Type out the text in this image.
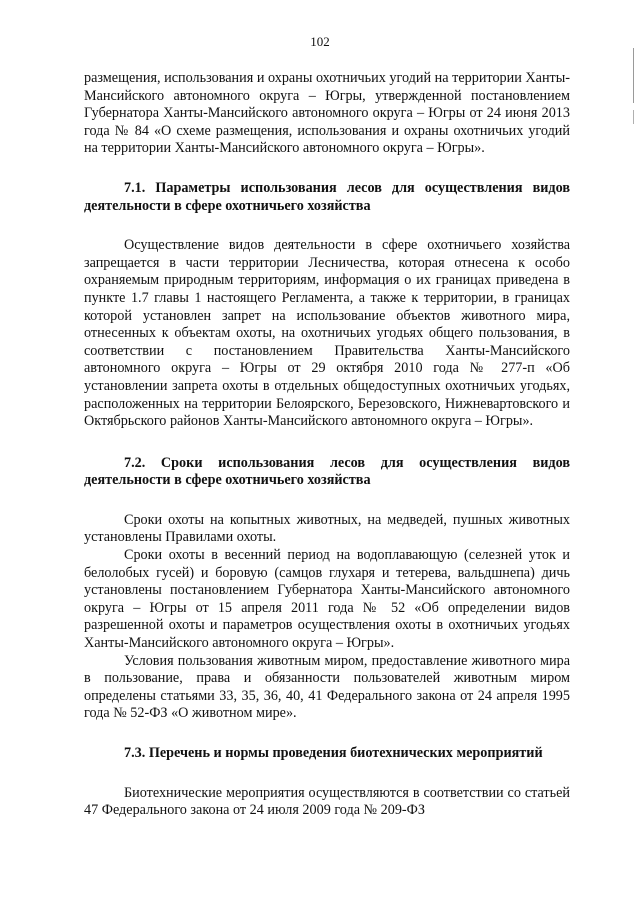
102

размещения, использования и охраны охотничьих угодий на территории Ханты-Мансийского автономного округа – Югры, утвержденной постановлением Губернатора Ханты-Мансийского автономного округа – Югры от 24 июня 2013 года № 84 «О схеме размещения, использования и охраны охотничьих угодий на территории Ханты-Мансийского автономного округа – Югры».

7.1. Параметры использования лесов для осуществления видов деятельности в сфере охотничьего хозяйства

Осуществление видов деятельности в сфере охотничьего хозяйства запрещается в части территории Лесничества, которая отнесена к особо охраняемым природным территориям, информация о их границах приведена в пункте 1.7 главы 1 настоящего Регламента, а также к территории, в границах которой установлен запрет на использование объектов животного мира, отнесенных к объектам охоты, на охотничьих угодьях общего пользования, в соответствии с постановлением Правительства Ханты-Мансийского автономного округа – Югры от 29 октября 2010 года № 277-п «Об установлении запрета охоты в отдельных общедоступных охотничьих угодьях, расположенных на территории Белоярского, Березовского, Нижневартовского и Октябрьского районов Ханты-Мансийского автономного округа – Югры».

7.2. Сроки использования лесов для осуществления видов деятельности в сфере охотничьего хозяйства

Сроки охоты на копытных животных, на медведей, пушных животных установлены Правилами охоты.

Сроки охоты в весенний период на водоплавающую (селезней уток и белолобых гусей) и боровую (самцов глухаря и тетерева, вальдшнепа) дичь установлены постановлением Губернатора Ханты-Мансийского автономного округа – Югры от 15 апреля 2011 года № 52 «Об определении видов разрешенной охоты и параметров осуществления охоты в охотничьих угодьях Ханты-Мансийского автономного округа – Югры».

Условия пользования животным миром, предоставление животного мира в пользование, права и обязанности пользователей животным миром определены статьями 33, 35, 36, 40, 41 Федерального закона от 24 апреля 1995 года № 52-ФЗ «О животном мире».

7.3. Перечень и нормы проведения биотехнических мероприятий

Биотехнические мероприятия осуществляются в соответствии со статьей 47 Федерального закона от 24 июля 2009 года № 209-ФЗ
